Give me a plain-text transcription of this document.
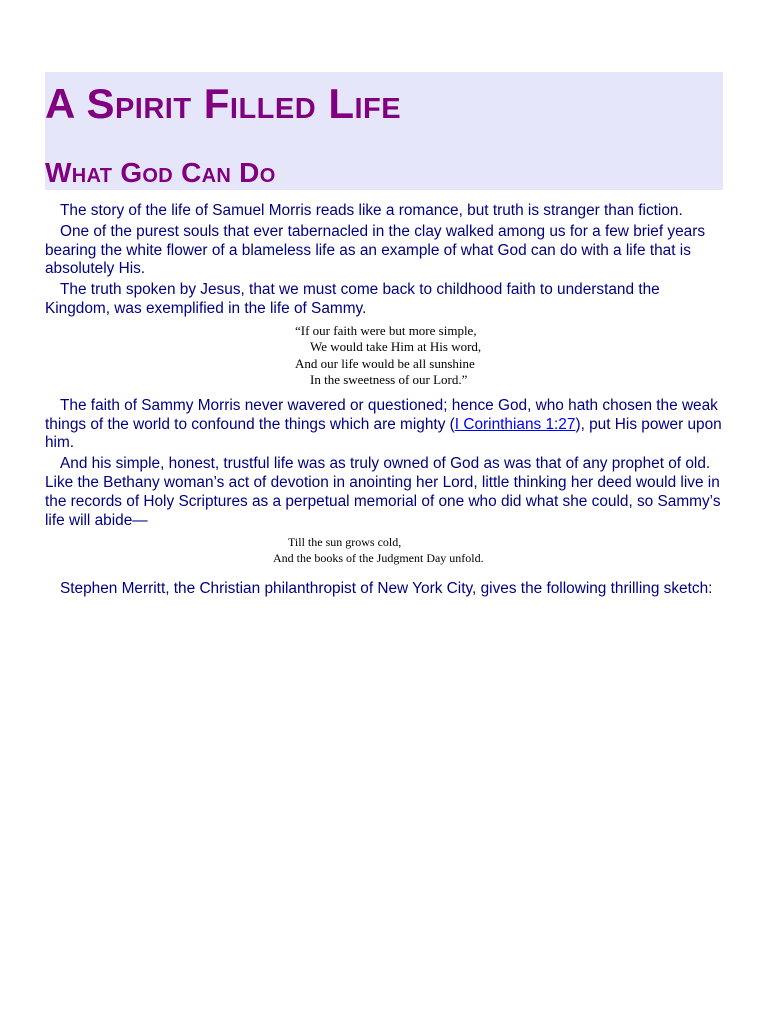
A Spirit Filled Life
What God Can Do

The story of the life of Samuel Morris reads like a romance, but truth is stranger than fiction.

One of the purest souls that ever tabernacled in the clay walked among us for a few brief years bearing the white flower of a blameless life as an example of what God can do with a life that is absolutely His.

The truth spoken by Jesus, that we must come back to childhood faith to understand the Kingdom, was exemplified in the life of Sammy.

“If our faith were but more simple,
We would take Him at His word,
And our life would be all sunshine
In the sweetness of our Lord.”

The faith of Sammy Morris never wavered or questioned; hence God, who hath chosen the weak things of the world to confound the things which are mighty (I Corinthians 1:27), put His power upon him.

And his simple, honest, trustful life was as truly owned of God as was that of any prophet of old. Like the Bethany woman’s act of devotion in anointing her Lord, little thinking her deed would live in the records of Holy Scriptures as a perpetual memorial of one who did what she could, so Sammy’s life will abide—

Till the sun grows cold,
And the books of the Judgment Day unfold.

Stephen Merritt, the Christian philanthropist of New York City, gives the following thrilling sketch:
